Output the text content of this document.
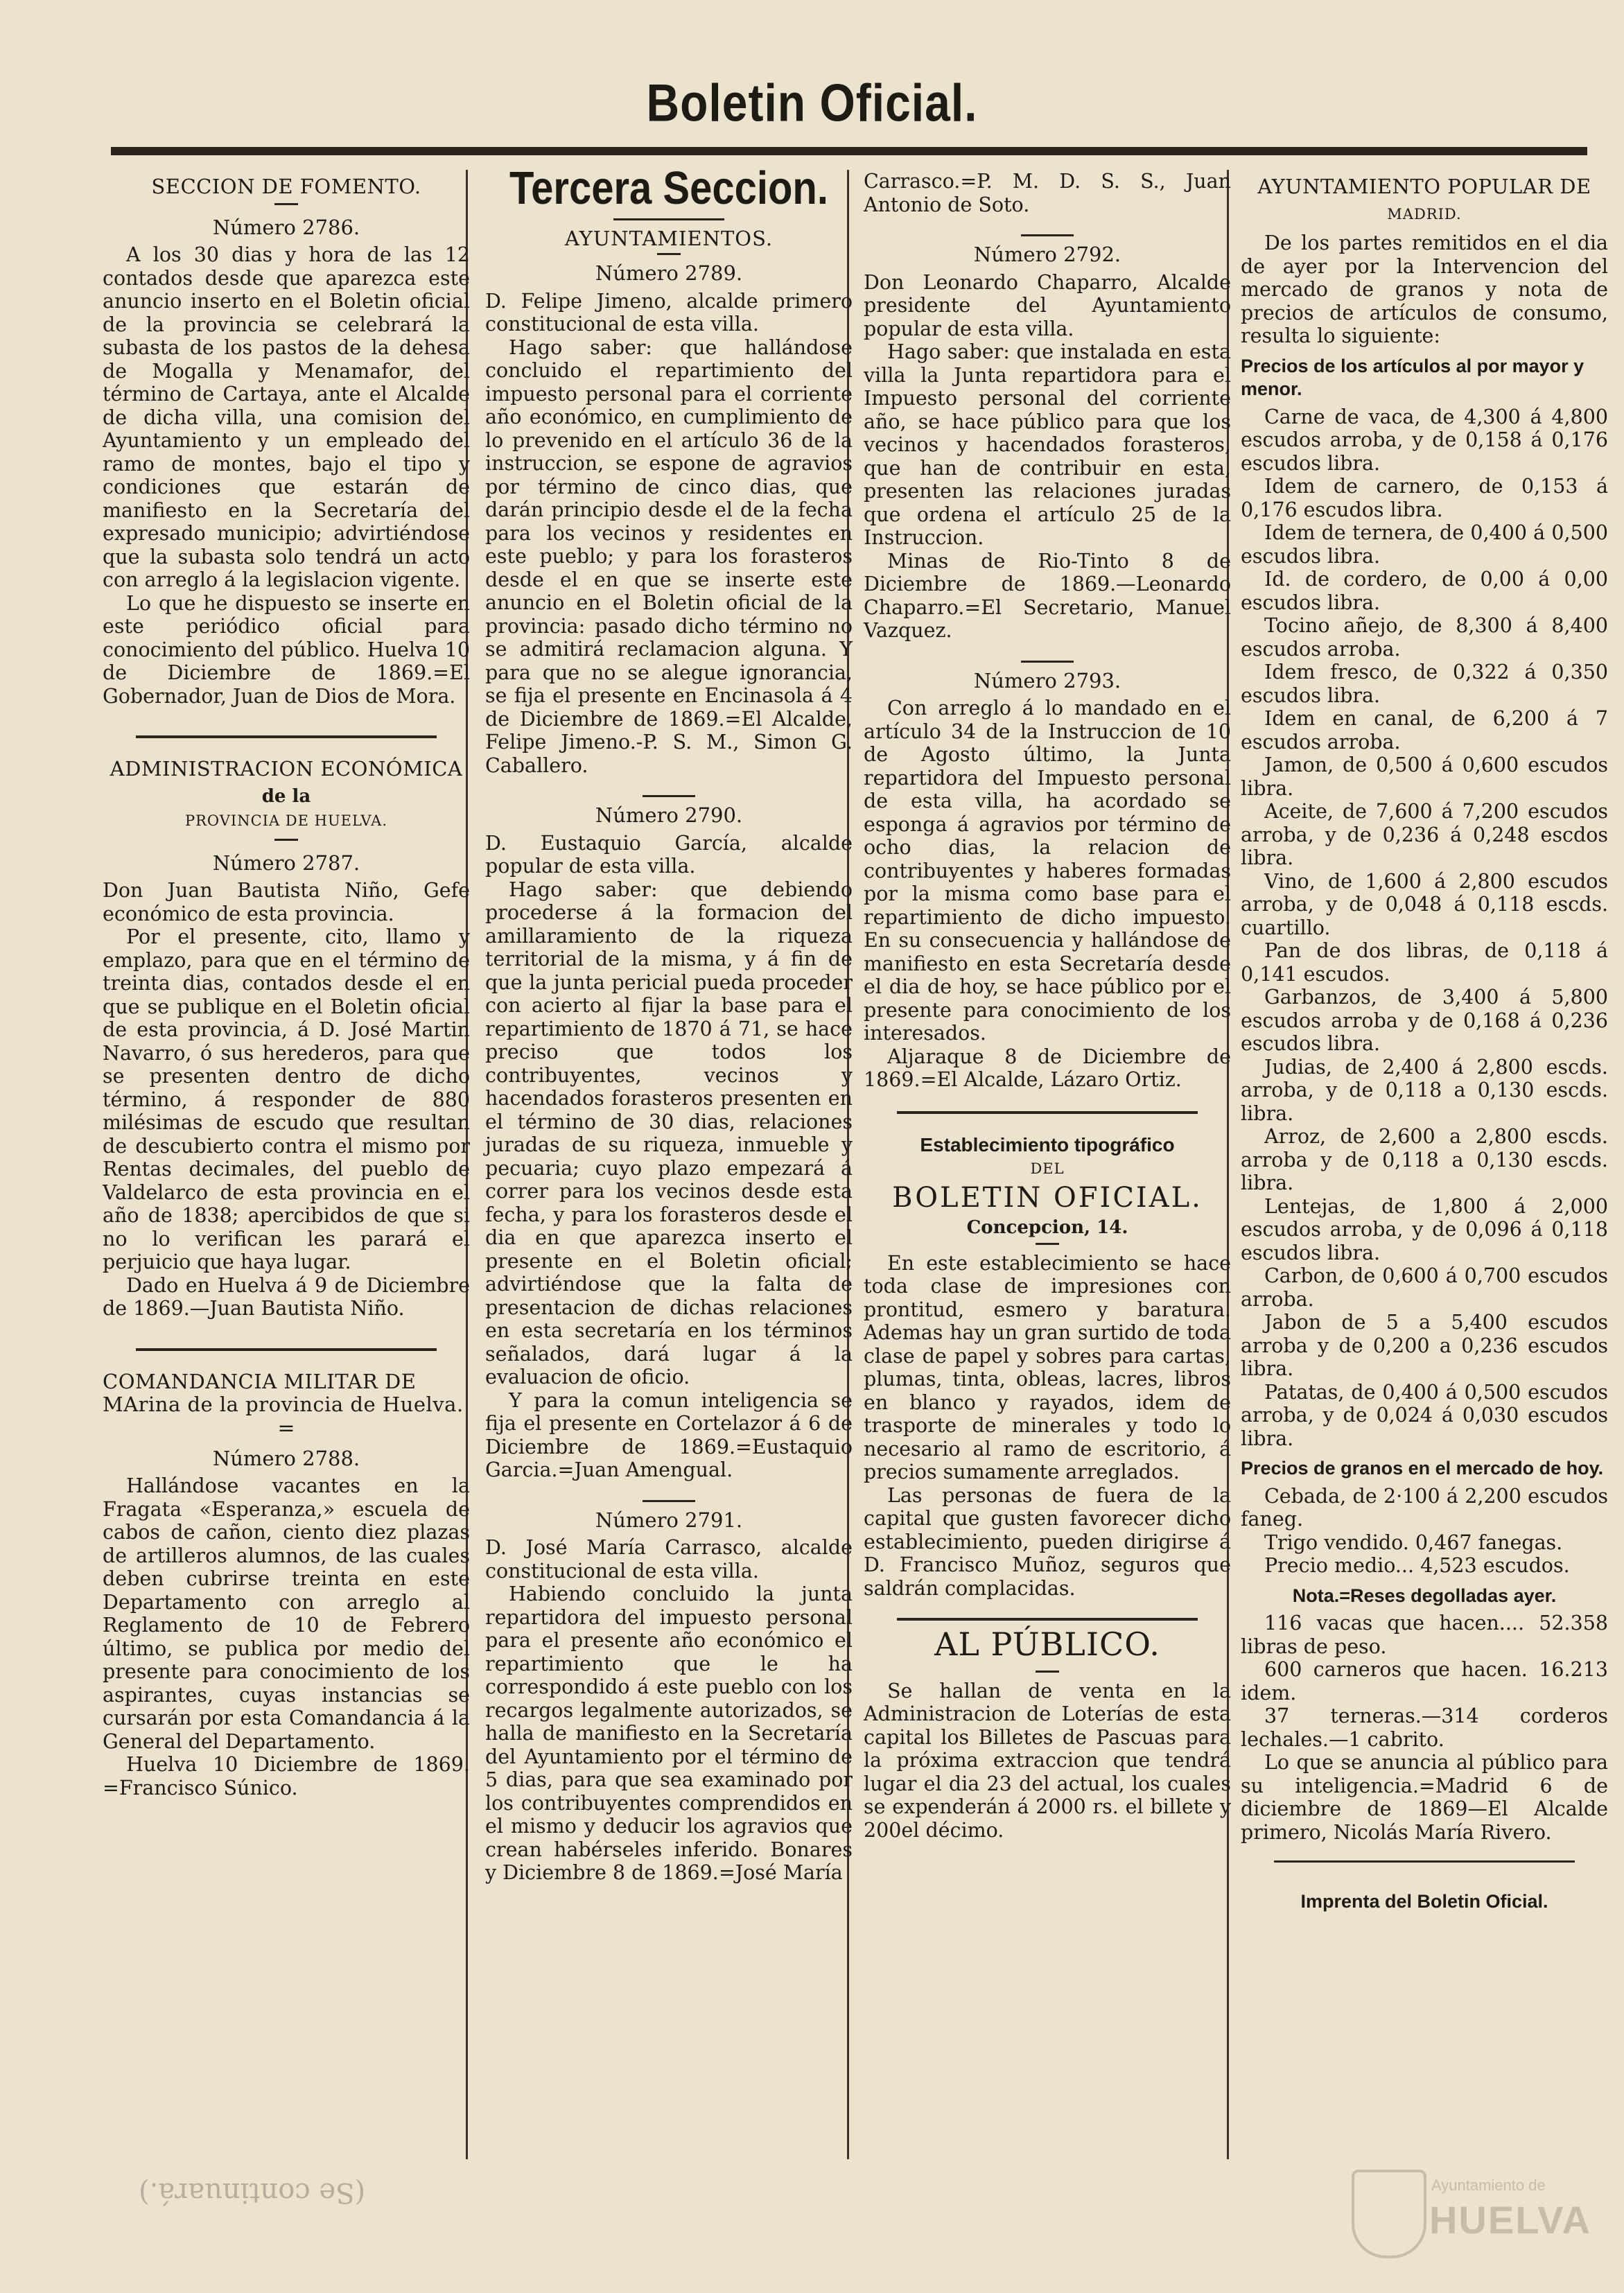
Boletin Oficial.
SECCION DE FOMENTO.
Número 2786.

A los 30 dias y hora de las 12 contados desde que aparezca este anuncio inserto en el Boletin oficial de la provincia se celebrará la subasta de los pastos de la dehesa de Mogalla y Menamafor, del término de Cartaya, ante el Alcalde de dicha villa, una comision del Ayuntamiento y un empleado del ramo de montes, bajo el tipo y condiciones que estarán de manifiesto en la Secretaría del expresado municipio; advirtiéndose que la subasta solo tendrá un acto con arreglo á la legislacion vigente.

Lo que he dispuesto se inserte en este periódico oficial para conocimiento del público. Huelva 10 de Diciembre de 1869.=El Gobernador, Juan de Dios de Mora.

ADMINISTRACION ECONÓMICA
de la
PROVINCIA DE HUELVA.
Número 2787.

Don Juan Bautista Niño, Gefe económico de esta provincia.

Por el presente, cito, llamo y emplazo, para que en el término de treinta dias, contados desde el en que se publique en el Boletin oficial de esta provincia, á D. José Martin Navarro, ó sus herederos, para que se presenten dentro de dicho término, á responder de 880 milésimas de escudo que resultan de descubierto contra el mismo por Rentas decimales, del pueblo de Valdelarco de esta provincia en el año de 1838; apercibidos de que si no lo verifican les parará el perjuicio que haya lugar.

Dado en Huelva á 9 de Diciembre de 1869.—Juan Bautista Niño.

COMANDANCIA MILITAR DE MArina de la provincia de Huelva.
=
Número 2788.

Hallándose vacantes en la Fragata «Esperanza,» escuela de cabos de cañon, ciento diez plazas de artilleros alumnos, de las cuales deben cubrirse treinta en este Departamento con arreglo al Reglamento de 10 de Febrero último, se publica por medio del presente para conocimiento de los aspirantes, cuyas instancias se cursarán por esta Comandancia á la General del Departamento.

Huelva 10 Diciembre de 1869. =Francisco Súnico.

Tercera Seccion.
AYUNTAMIENTOS.
Número 2789.

D. Felipe Jimeno, alcalde primero constitucional de esta villa.

Hago saber: que hallándose concluido el repartimiento del impuesto personal para el corriente año económico, en cumplimiento de lo prevenido en el artículo 36 de la instruccion, se espone de agravios por término de cinco dias, que darán principio desde el de la fecha para los vecinos y residentes en este pueblo; y para los forasteros desde el en que se inserte este anuncio en el Boletin oficial de la provincia: pasado dicho término no se admitirá reclamacion alguna. Y para que no se alegue ignorancia, se fija el presente en Encinasola á 4 de Diciembre de 1869.=El Alcalde, Felipe Jimeno.-P. S. M., Simon G. Caballero.

Número 2790.

D. Eustaquio García, alcalde popular de esta villa.

Hago saber: que debiendo procederse á la formacion del amillaramiento de la riqueza territorial de la misma, y á fin de que la junta pericial pueda proceder con acierto al fijar la base para el repartimiento de 1870 á 71, se hace preciso que todos los contribuyentes, vecinos y hacendados forasteros presenten en el término de 30 dias, relaciones juradas de su riqueza, inmueble y pecuaria; cuyo plazo empezará á correr para los vecinos desde esta fecha, y para los forasteros desde el dia en que aparezca inserto el presente en el Boletin oficial; advirtiéndose que la falta de presentacion de dichas relaciones en esta secretaría en los términos señalados, dará lugar á la evaluacion de oficio.

Y para la comun inteligencia se fija el presente en Cortelazor á 6 de Diciembre de 1869.=Eustaquio Garcia.=Juan Amengual.

Número 2791.

D. José María Carrasco, alcalde constitucional de esta villa.

Habiendo concluido la junta repartidora del impuesto personal para el presente año económico el repartimiento que le ha correspondido á este pueblo con los recargos legalmente autorizados, se halla de manifiesto en la Secretaría del Ayuntamiento por el término de 5 dias, para que sea examinado por los contribuyentes comprendidos en el mismo y deducir los agravios que crean habérseles inferido. Bonares y Diciembre 8 de 1869.=José María

Carrasco.=P. M. D. S. S., Juan Antonio de Soto.

Número 2792.

Don Leonardo Chaparro, Alcalde presidente del Ayuntamiento popular de esta villa.

Hago saber: que instalada en esta villa la Junta repartidora para el Impuesto personal del corriente año, se hace público para que los vecinos y hacendados forasteros, que han de contribuir en esta, presenten las relaciones juradas que ordena el artículo 25 de la Instruccion.

Minas de Rio-Tinto 8 de Diciembre de 1869.—Leonardo Chaparro.=El Secretario, Manuel Vazquez.

Número 2793.

Con arreglo á lo mandado en el artículo 34 de la Instruccion de 10 de Agosto último, la Junta repartidora del Impuesto personal de esta villa, ha acordado se esponga á agravios por término de ocho dias, la relacion de contribuyentes y haberes formadas por la misma como base para el repartimiento de dicho impuesto. En su consecuencia y hallándose de manifiesto en esta Secretaría desde el dia de hoy, se hace público por el presente para conocimiento de los interesados.

Aljaraque 8 de Diciembre de 1869.=El Alcalde, Lázaro Ortiz.

Establecimiento tipográfico
DEL
BOLETIN OFICIAL.
Concepcion, 14.

En este establecimiento se hace toda clase de impresiones con prontitud, esmero y baratura. Ademas hay un gran surtido de toda clase de papel y sobres para cartas, plumas, tinta, obleas, lacres, libros en blanco y rayados, idem de trasporte de minerales y todo lo necesario al ramo de escritorio, á precios sumamente arreglados.

Las personas de fuera de la capital que gusten favorecer dicho establecimiento, pueden dirigirse á D. Francisco Muñoz, seguros que saldrán complacidas.

AL PÚBLICO.

Se hallan de venta en la Administracion de Loterías de esta capital los Billetes de Pascuas para la próxima extraccion que tendrá lugar el dia 23 del actual, los cuales se expenderán á 2000 rs. el billete y 200el décimo.

AYUNTAMIENTO POPULAR DE
MADRID.

De los partes remitidos en el dia de ayer por la Intervencion del mercado de granos y nota de precios de artículos de consumo, resulta lo siguiente:

Precios de los artículos al por mayor y menor.

Carne de vaca, de 4,300 á 4,800 escudos arroba, y de 0,158 á 0,176 escudos libra.

Idem de carnero, de 0,153 á 0,176 escudos libra.

Idem de ternera, de 0,400 á 0,500 escudos libra.

Id. de cordero, de 0,00 á 0,00 escudos libra.

Tocino añejo, de 8,300 á 8,400 escudos arroba.

Idem fresco, de 0,322 á 0,350 escudos libra.

Idem en canal, de 6,200 á 7 escudos arroba.

Jamon, de 0,500 á 0,600 escudos libra.

Aceite, de 7,600 á 7,200 escudos arroba, y de 0,236 á 0,248 escdos libra.

Vino, de 1,600 á 2,800 escudos arroba, y de 0,048 á 0,118 escds. cuartillo.

Pan de dos libras, de 0,118 á 0,141 escudos.

Garbanzos, de 3,400 á 5,800 escudos arroba y de 0,168 á 0,236 escudos libra.

Judias, de 2,400 á 2,800 escds. arroba, y de 0,118 a 0,130 escds. libra.

Arroz, de 2,600 a 2,800 escds. arroba y de 0,118 a 0,130 escds. libra.

Lentejas, de 1,800 á 2,000 escudos arroba, y de 0,096 á 0,118 escudos libra.

Carbon, de 0,600 á 0,700 escudos arroba.

Jabon de 5 a 5,400 escudos arroba y de 0,200 a 0,236 escudos libra.

Patatas, de 0,400 á 0,500 escudos arroba, y de 0,024 á 0,030 escudos libra.

Precios de granos en el mercado de hoy.

Cebada, de 2·100 á 2,200 escudos faneg.

Trigo vendido. 0,467 fanegas.

Precio medio... 4,523 escudos.

Nota.=Reses degolladas ayer.

116 vacas que hacen.... 52.358 libras de peso.

600 carneros que hacen. 16.213 idem.

37 terneras.—314 corderos lechales.—1 cabrito.

Lo que se anuncia al público para su inteligencia.=Madrid 6 de diciembre de 1869—El Alcalde primero, Nicolás María Rivero.

Imprenta del Boletin Oficial.
(Se continuará.)	Ayuntamiento de
HUELVA
